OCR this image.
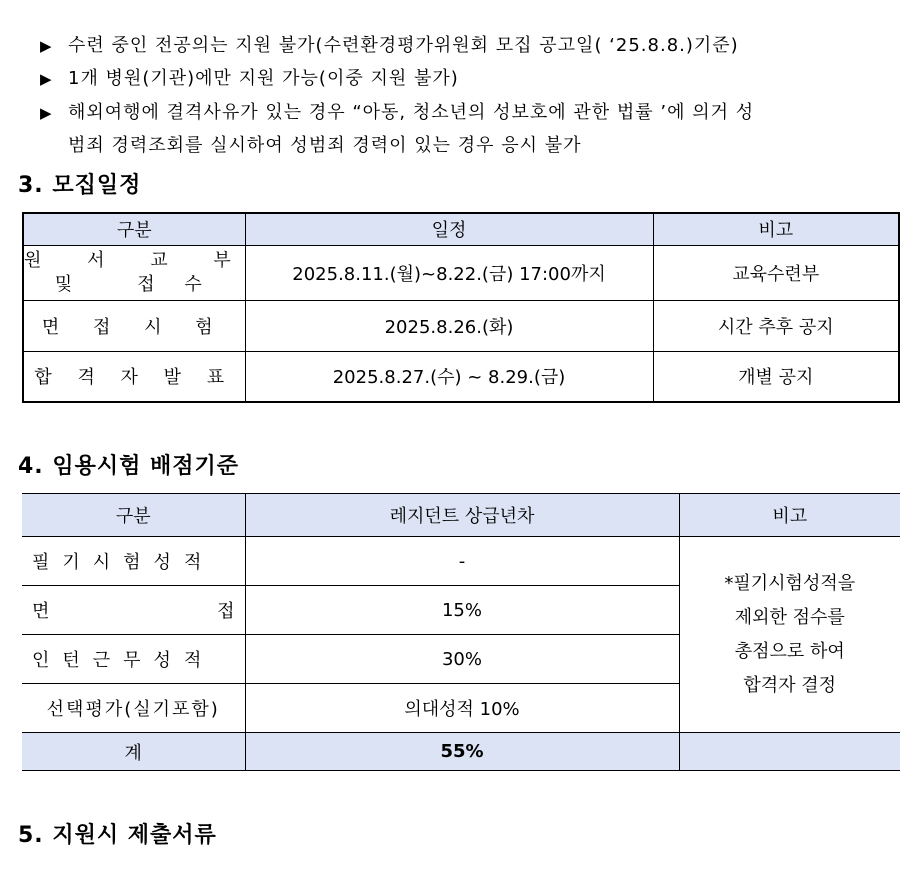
▶ 수련 중인 전공의는 지원 불가(수련환경평가위원회 모집 공고일( ‘25.8.8.)기준)
▶ 1개 병원(기관)에만 지원 가능(이중 지원 불가)
▶ 해외여행에 결격사유가 있는 경우 “아동, 청소년의 성보호에 관한 법률 ’에 의거 성
범죄 경력조회를 실시하여 성범죄 경력이 있는 경우 응시 불가
3. 모집일정
구분	일정	비고

원 서 교 부
및   접 수	2025.8.11.(월)~8.22.(금) 17:00까지	교육수련부
면 접 시 험	2025.8.26.(화)	시간 추후 공지
합 격 자 발 표	2025.8.27.(수) ~ 8.29.(금)	개별 공지
4. 임용시험 배점기준
구분	레지던트 상급년차	비고
필기시험성적	-	*필기시험성적을
제외한 점수를
총점으로 하여
합격자 결정

면 접	15%	
인턴근무성적	30%	
선택평가(실기포함)	의대성적 10%	
계	55%	
5. 지원시 제출서류
